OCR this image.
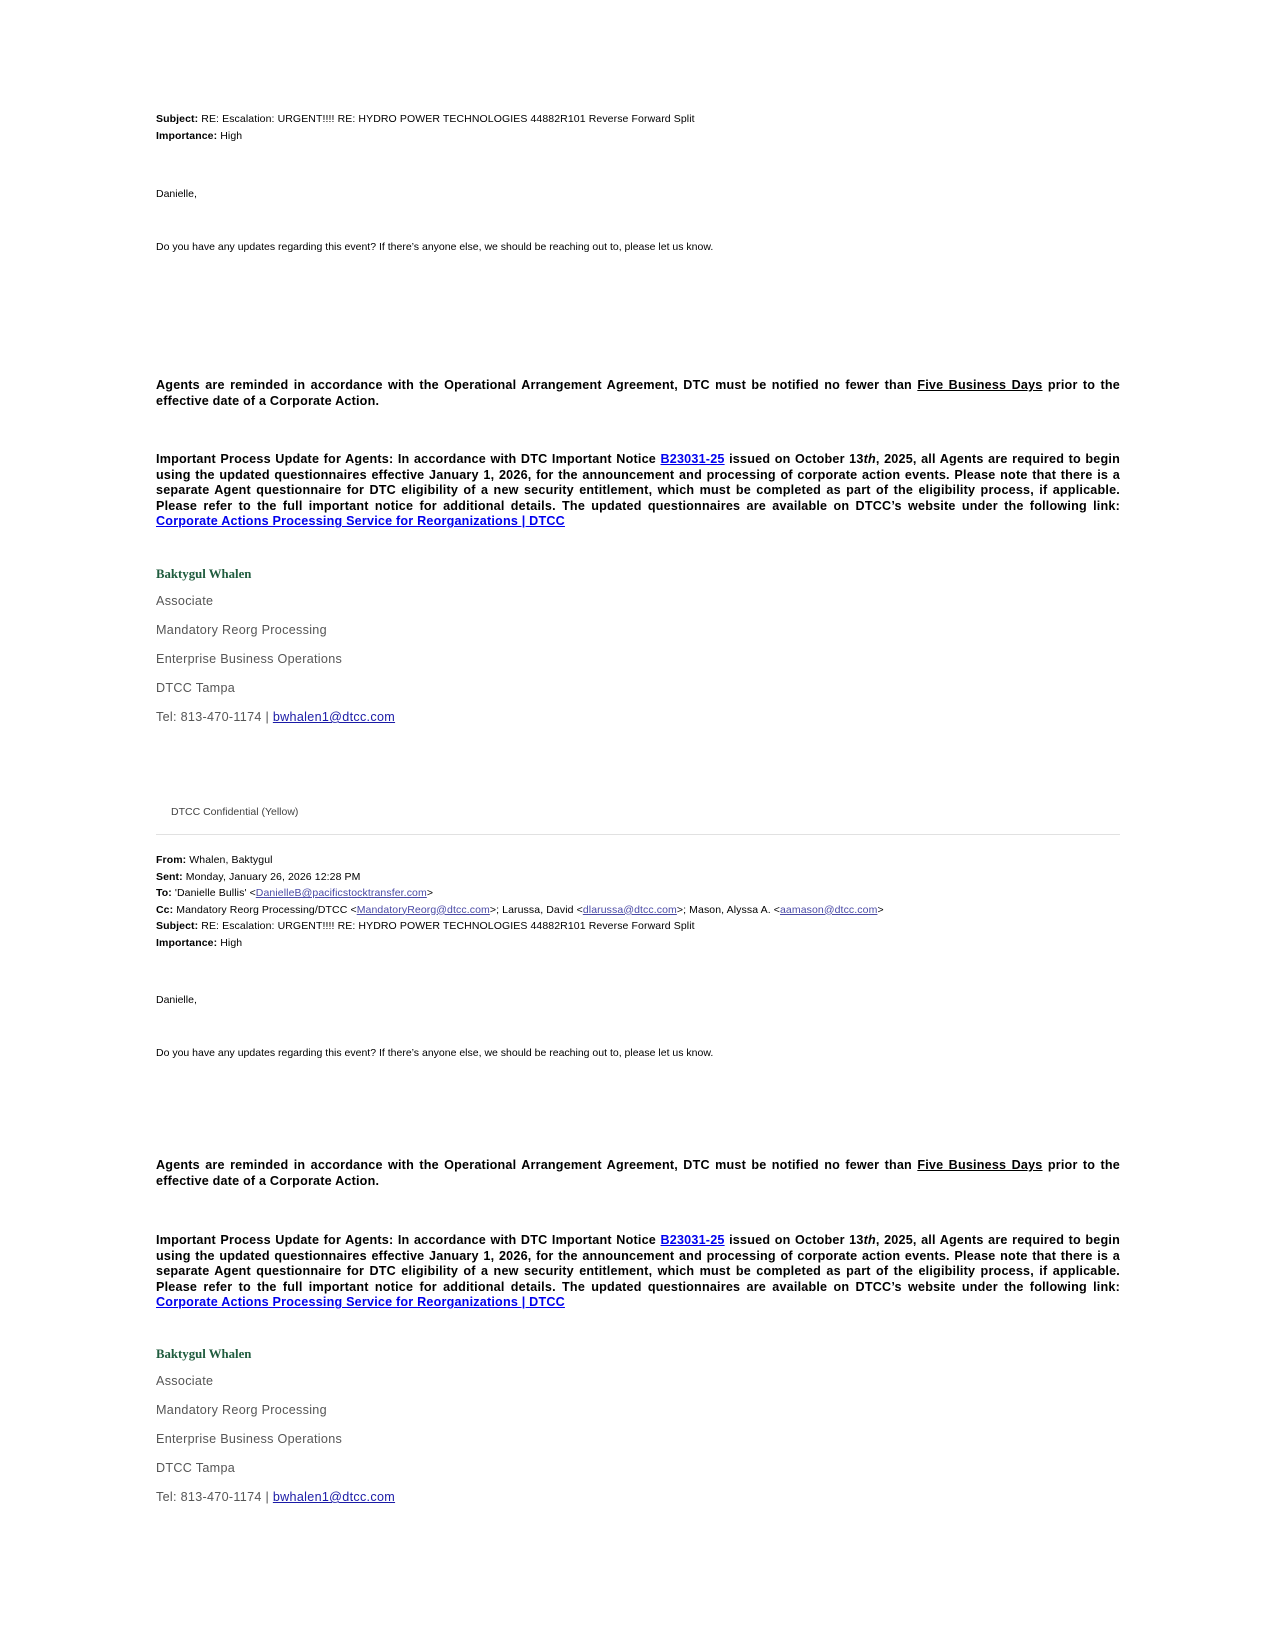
Subject: RE: Escalation: URGENT!!!! RE: HYDRO POWER TECHNOLOGIES 44882R101 Reverse Forward Split
Importance: High
Danielle,
Do you have any updates regarding this event? If there’s anyone else, we should be reaching out to, please let us know.
Agents are reminded in accordance with the Operational Arrangement Agreement, DTC must be notified no fewer than Five Business Days prior to the effective date of a Corporate Action.
Important Process Update for Agents: In accordance with DTC Important Notice B23031-25 issued on October 13th, 2025, all Agents are required to begin using the updated questionnaires effective January 1, 2026, for the announcement and processing of corporate action events. Please note that there is a separate Agent questionnaire for DTC eligibility of a new security entitlement, which must be completed as part of the eligibility process, if applicable. Please refer to the full important notice for additional details. The updated questionnaires are available on DTCC’s website under the following link: Corporate Actions Processing Service for Reorganizations | DTCC
Baktygul Whalen
Associate
Mandatory Reorg Processing
Enterprise Business Operations
DTCC Tampa
Tel: 813-470-1174 | bwhalen1@dtcc.com
DTCC Confidential (Yellow)
From: Whalen, Baktygul
Sent: Monday, January 26, 2026 12:28 PM
To: 'Danielle Bullis' <DanielleB@pacificstocktransfer.com>
Cc: Mandatory Reorg Processing/DTCC <MandatoryReorg@dtcc.com>; Larussa, David <dlarussa@dtcc.com>; Mason, Alyssa A. <aamason@dtcc.com>
Subject: RE: Escalation: URGENT!!!! RE: HYDRO POWER TECHNOLOGIES 44882R101 Reverse Forward Split
Importance: High
Danielle,
Do you have any updates regarding this event? If there’s anyone else, we should be reaching out to, please let us know.
Agents are reminded in accordance with the Operational Arrangement Agreement, DTC must be notified no fewer than Five Business Days prior to the effective date of a Corporate Action.
Important Process Update for Agents: In accordance with DTC Important Notice B23031-25 issued on October 13th, 2025, all Agents are required to begin using the updated questionnaires effective January 1, 2026, for the announcement and processing of corporate action events. Please note that there is a separate Agent questionnaire for DTC eligibility of a new security entitlement, which must be completed as part of the eligibility process, if applicable. Please refer to the full important notice for additional details. The updated questionnaires are available on DTCC’s website under the following link: Corporate Actions Processing Service for Reorganizations | DTCC
Baktygul Whalen
Associate
Mandatory Reorg Processing
Enterprise Business Operations
DTCC Tampa
Tel: 813-470-1174 | bwhalen1@dtcc.com
